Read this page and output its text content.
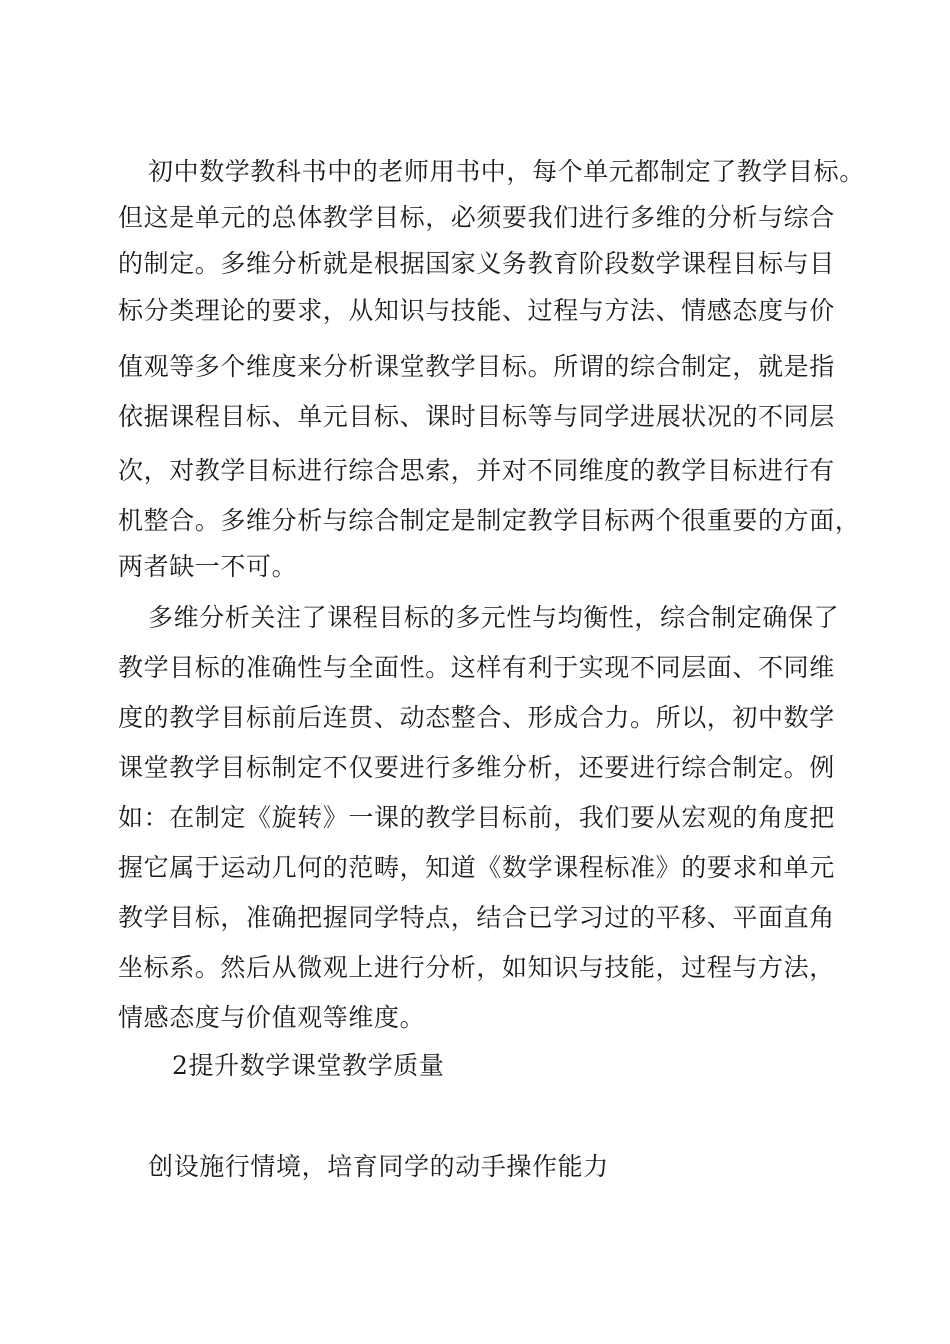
初中数学教科书中的老师用书中，每个单元都制定了教学目标。
但这是单元的总体教学目标，必须要我们进行多维的分析与综合
的制定。多维分析就是根据国家义务教育阶段数学课程目标与目
标分类理论的要求，从知识与技能、过程与方法、情感态度与价
值观等多个维度来分析课堂教学目标。所谓的综合制定，就是指
依据课程目标、单元目标、课时目标等与同学进展状况的不同层
次，对教学目标进行综合思索，并对不同维度的教学目标进行有
机整合。多维分析与综合制定是制定教学目标两个很重要的方面，
两者缺一不可。
多维分析关注了课程目标的多元性与均衡性，综合制定确保了
教学目标的准确性与全面性。这样有利于实现不同层面、不同维
度的教学目标前后连贯、动态整合、形成合力。所以，初中数学
课堂教学目标制定不仅要进行多维分析，还要进行综合制定。例
如：在制定《旋转》一课的教学目标前，我们要从宏观的角度把
握它属于运动几何的范畴，知道《数学课程标准》的要求和单元
教学目标，准确把握同学特点，结合已学习过的平移、平面直角
坐标系。然后从微观上进行分析，如知识与技能，过程与方法，
情感态度与价值观等维度。
2提升数学课堂教学质量
创设施行情境，培育同学的动手操作能力
